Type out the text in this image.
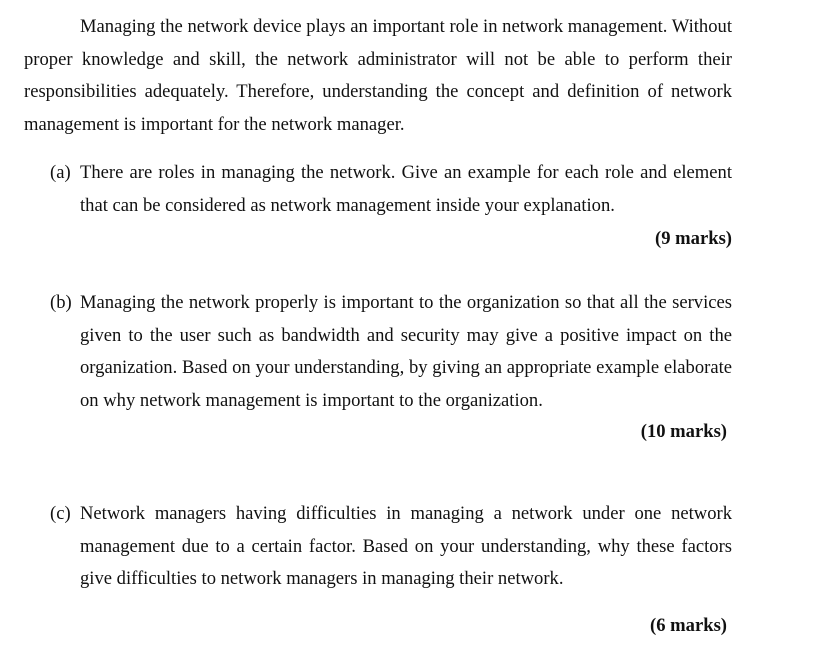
Managing the network device plays an important role in network management. Without proper knowledge and skill, the network administrator will not be able to perform their responsibilities adequately. Therefore, understanding the concept and definition of network management is important for the network manager.

(a) There are roles in managing the network. Give an example for each role and element that can be considered as network management inside your explanation.

(9 marks)
(b) Managing the network properly is important to the organization so that all the services given to the user such as bandwidth and security may give a positive impact on the organization. Based on your understanding, by giving an appropriate example elaborate on why network management is important to the organization.

(10 marks)
(c) Network managers having difficulties in managing a network under one network management due to a certain factor. Based on your understanding, why these factors give difficulties to network managers in managing their network.

(6 marks)
